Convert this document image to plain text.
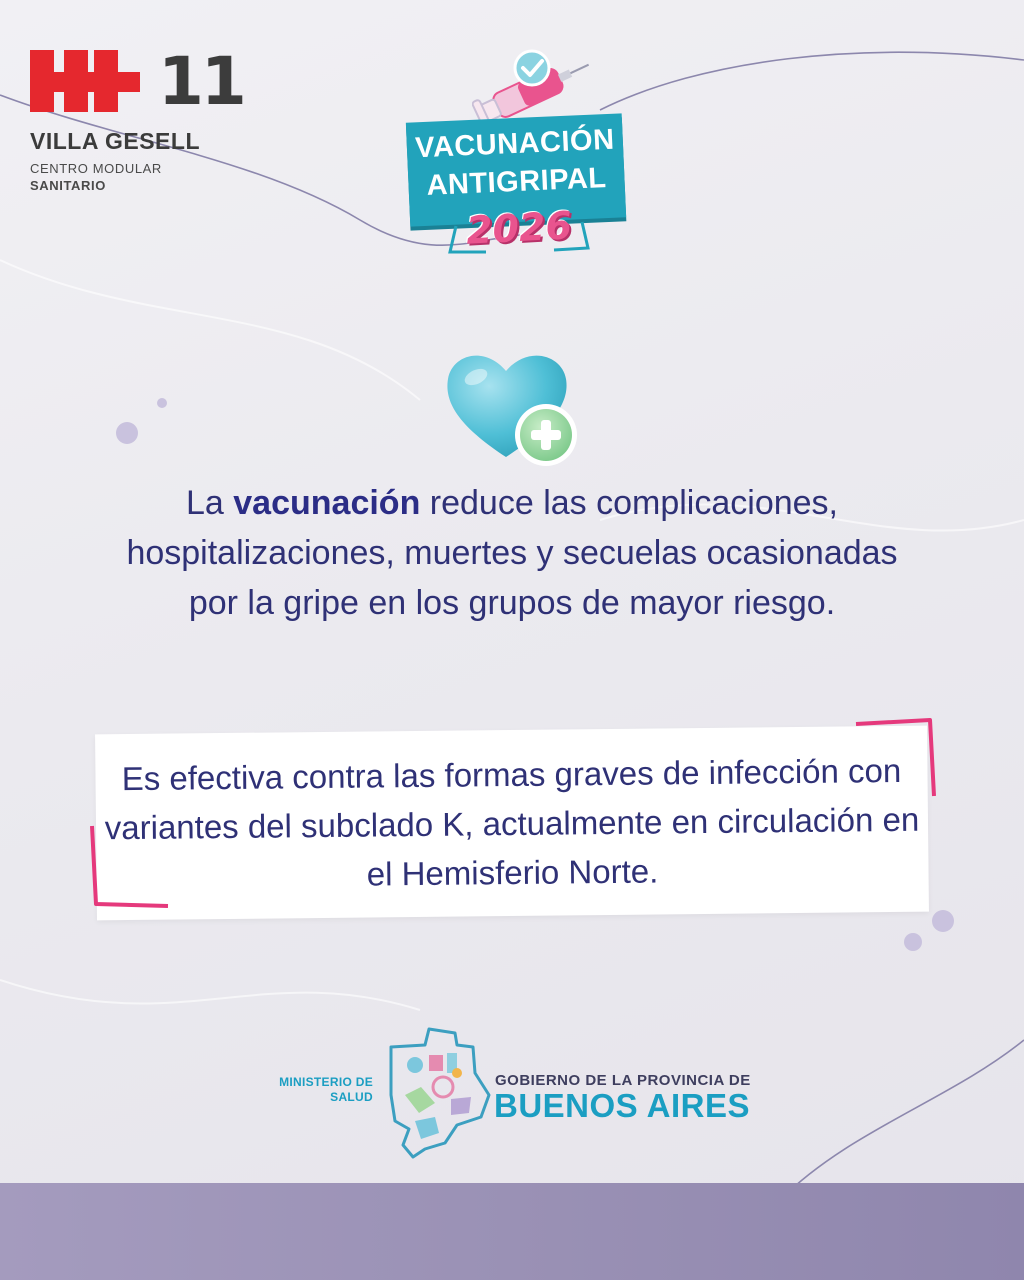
11
VILLA GESELL
CENTRO MODULAR
SANITARIO
VACUNACIÓN
ANTIGRIPAL
2026

La vacunación reduce las complicaciones, hospitalizaciones, muertes y secuelas ocasionadas por la gripe en los grupos de mayor riesgo.

Es efectiva contra las formas graves de infección con variantes del subclado K, actualmente en circulación en el Hemisferio Norte.

MINISTERIO DE
SALUD
GOBIERNO DE LA PROVINCIA DE
BUENOS AIRES
